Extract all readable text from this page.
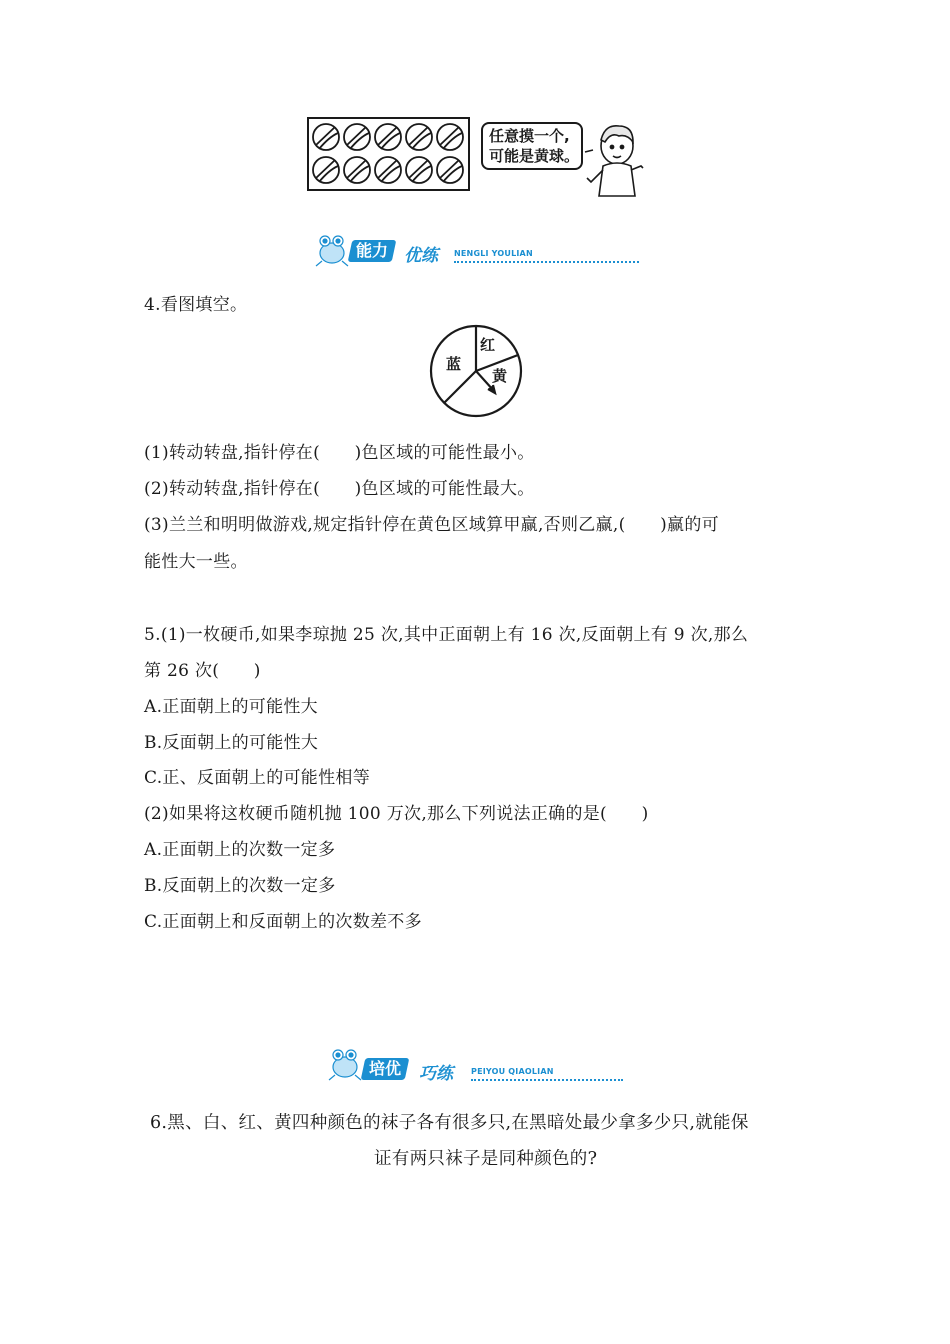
任意摸一个,
可能是黄球。
能力 优练 NENGLI YOULIAN
4.看图填空。
蓝
红
黄
(1)转动转盘,指针停在(　　)色区域的可能性最小。
(2)转动转盘,指针停在(　　)色区域的可能性最大。
(3)兰兰和明明做游戏,规定指针停在黄色区域算甲赢,否则乙赢,(　　)赢的可
能性大一些。
5.(1)一枚硬币,如果李琼抛 25 次,其中正面朝上有 16 次,反面朝上有 9 次,那么
第 26 次(　　)
A.正面朝上的可能性大
B.反面朝上的可能性大
C.正、反面朝上的可能性相等
(2)如果将这枚硬币随机抛 100 万次,那么下列说法正确的是(　　)
A.正面朝上的次数一定多
B.反面朝上的次数一定多
C.正面朝上和反面朝上的次数差不多
培优	巧练 PEIYOU QIAOLIAN
6.黑、白、红、黄四种颜色的袜子各有很多只,在黑暗处最少拿多少只,就能保
证有两只袜子是同种颜色的?
